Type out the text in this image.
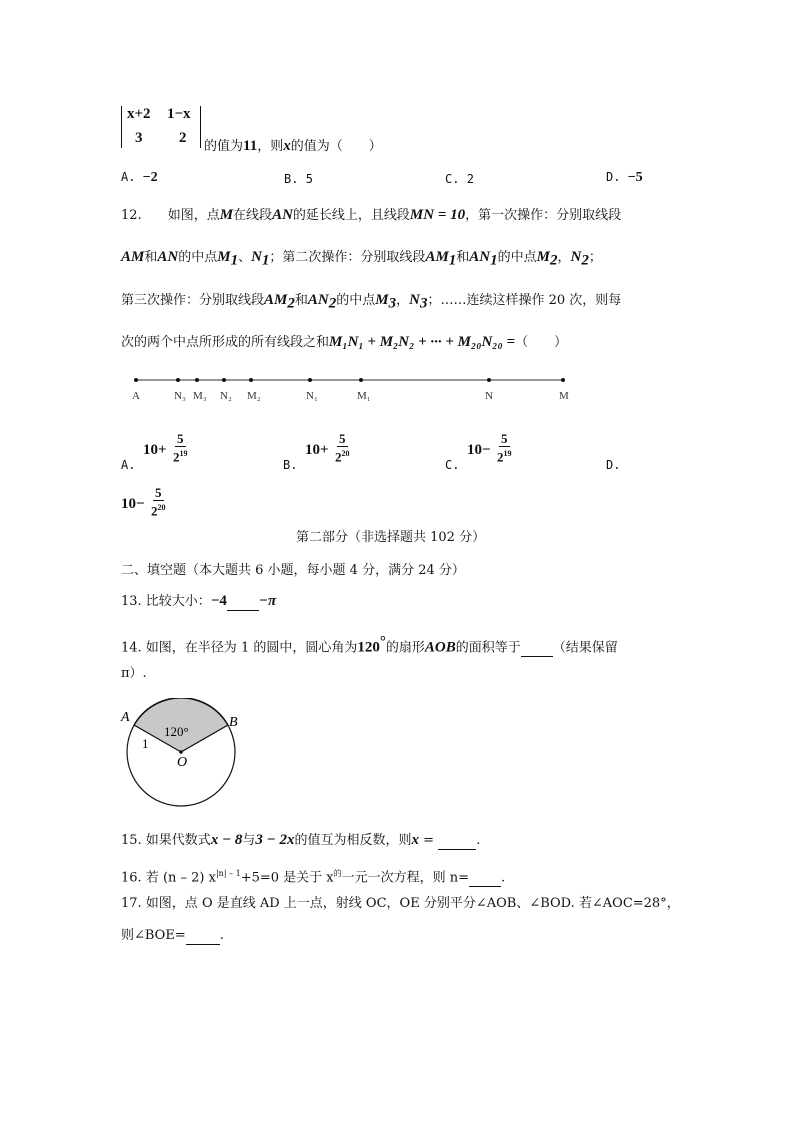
x+2 1−x
3 2
的值为11，则x的值为（　　）
A. −2	B. 5	C. 2	D. −5
12.   如图，点M在线段AN的延长线上，且线段MN = 10，第一次操作：分别取线段
AM和AN的中点$M_1$、$N_1$；第二次操作：分别取线段$AM_1$和$AN_1$的中点$M_2$，$N_2$；
第三次操作：分别取线段$AM_2$和$AN_2$的中点$M_3$，$N_3$；……连续这样操作 20 次，则每
次的两个中点所形成的所有线段之和M₁N₁ + M₂N₂ + ··· + M₂₀N₂₀ =（　　）
A	N₃ M₃ N₂ M₂	N₁	M₁	N	M
A.
$10+ \frac{5}{2^{19}}$
B.
$10+ \frac{5}{2^{20}}$
C.
$10- \frac{5}{2^{19}}$
D.
$10- \frac{5}{2^{20}}$
第二部分（非选择题共 102 分）
二、填空题（本大题共 6 小题，每小题 4 分，满分 24 分）
13. 比较大小：−4 −π
14. 如图，在半径为 1 的圆中，圆心角为120°的扇形AOB的面积等于 （结果保留
π）.
A	B
O
1
120°
15. 如果代数式x − 8与3 − 2x的值互为相反数，则x =	.
16. 若 (n – 2) $x^{|n| - 1}+5=0$ 是关于 $x^的$一元一次方程，则 n= .
17. 如图，点 O 是直线 AD 上一点，射线 OC，OE 分别平分∠AOB、∠BOD. 若∠AOC=28°，
则∠BOE=	.
